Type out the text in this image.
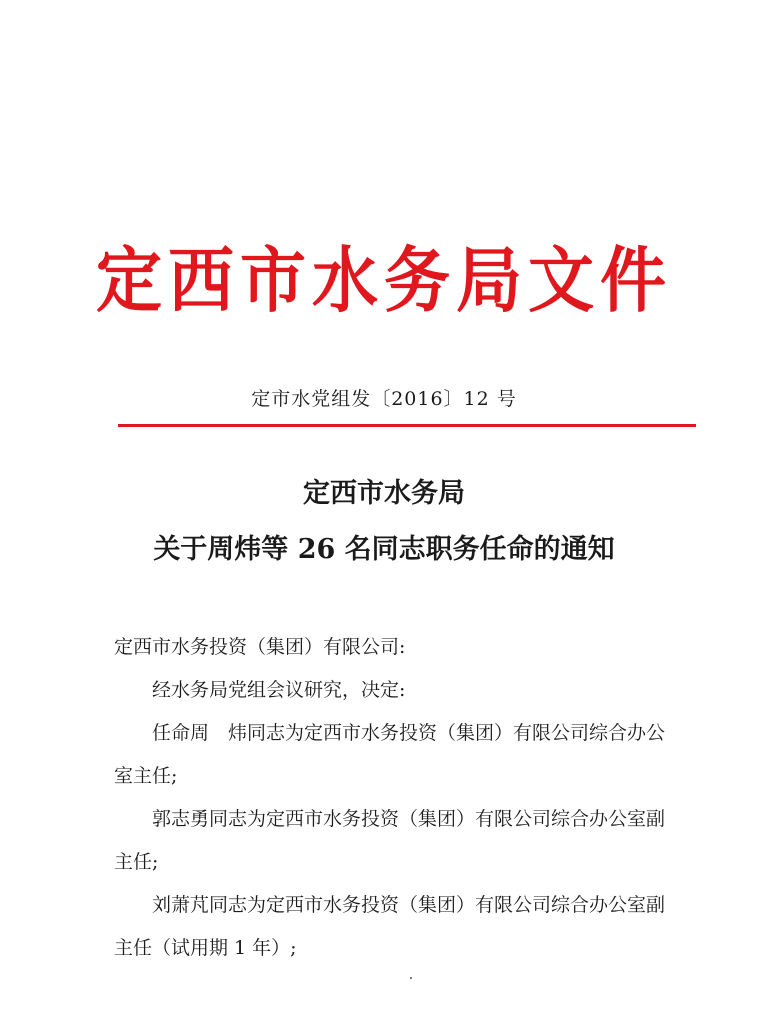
定西市水务局文件
定市水党组发〔2016〕12 号
定西市水务局
关于周炜等 26 名同志职务任命的通知

定西市水务投资（集团）有限公司:

经水务局党组会议研究，决定:

任命周　炜同志为定西市水务投资（集团）有限公司综合办公室主任;

郭志勇同志为定西市水务投资（集团）有限公司综合办公室副主任;

刘萧芃同志为定西市水务投资（集团）有限公司综合办公室副主任（试用期 1 年）;
